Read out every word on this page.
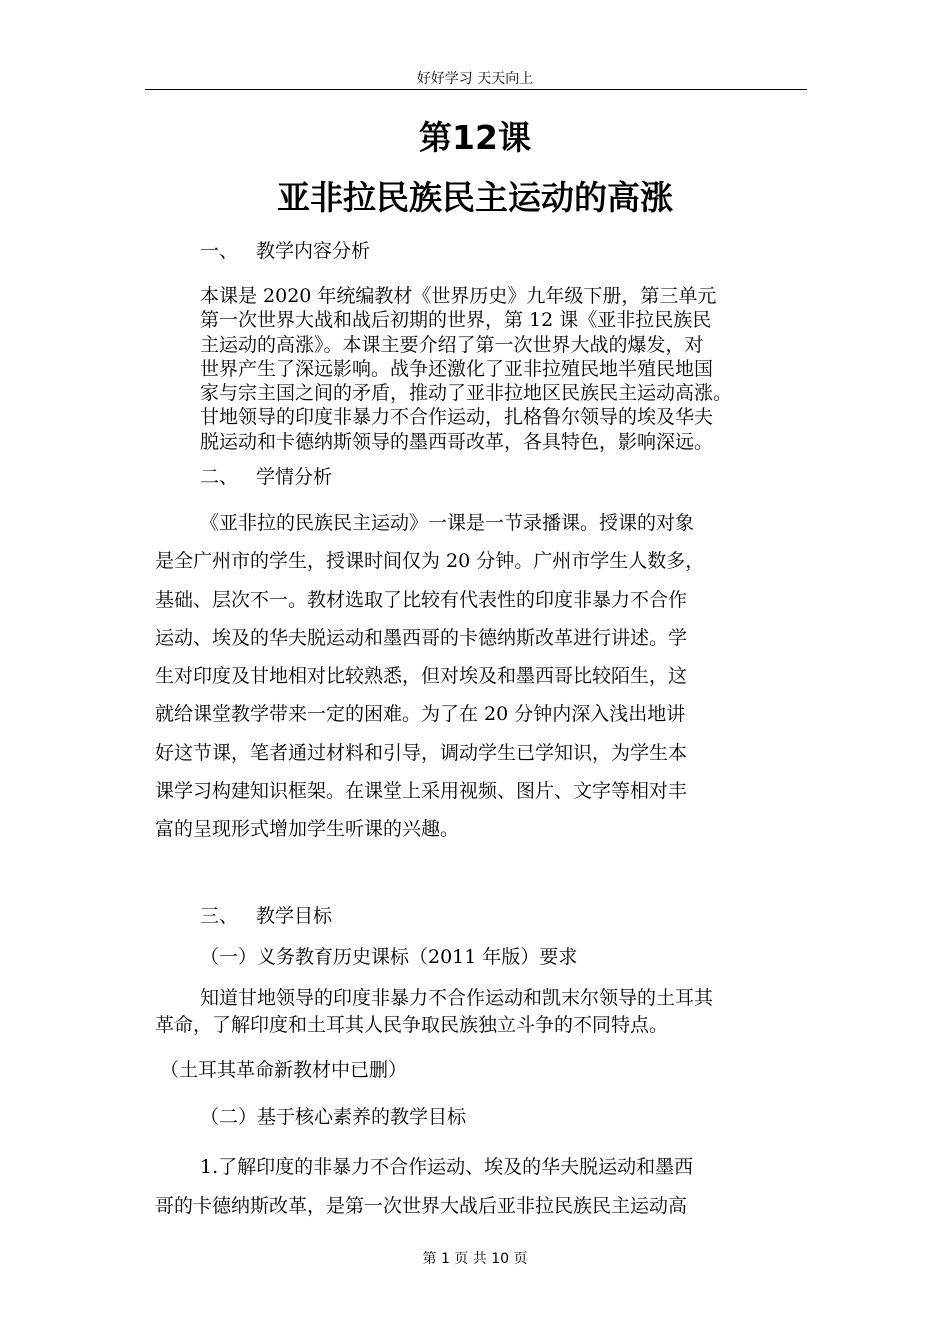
好好学习 天天向上
第12课
亚非拉民族民主运动的高涨
一、 教学内容分析
本课是 2020 年统编教材《世界历史》九年级下册，第三单元
第一次世界大战和战后初期的世界，第 12 课《亚非拉民族民
主运动的高涨》。本课主要介绍了第一次世界大战的爆发，对
世界产生了深远影响。战争还激化了亚非拉殖民地半殖民地国
家与宗主国之间的矛盾，推动了亚非拉地区民族民主运动高涨。
甘地领导的印度非暴力不合作运动，扎格鲁尔领导的埃及华夫
脱运动和卡德纳斯领导的墨西哥改革，各具特色，影响深远。
二、 学情分析
《亚非拉的民族民主运动》一课是一节录播课。授课的对象
是全广州市的学生，授课时间仅为 20 分钟。广州市学生人数多，
基础、层次不一。教材选取了比较有代表性的印度非暴力不合作
运动、埃及的华夫脱运动和墨西哥的卡德纳斯改革进行讲述。学
生对印度及甘地相对比较熟悉，但对埃及和墨西哥比较陌生，这
就给课堂教学带来一定的困难。为了在 20 分钟内深入浅出地讲
好这节课，笔者通过材料和引导，调动学生已学知识，为学生本
课学习构建知识框架。在课堂上采用视频、图片、文字等相对丰
富的呈现形式增加学生听课的兴趣。
三、 教学目标
（一）义务教育历史课标（2011 年版）要求
知道甘地领导的印度非暴力不合作运动和凯末尔领导的土耳其
革命，了解印度和土耳其人民争取民族独立斗争的不同特点。
（土耳其革命新教材中已删）
（二）基于核心素养的教学目标
1.了解印度的非暴力不合作运动、埃及的华夫脱运动和墨西
哥的卡德纳斯改革，是第一次世界大战后亚非拉民族民主运动高
第 1 页 共 10 页
